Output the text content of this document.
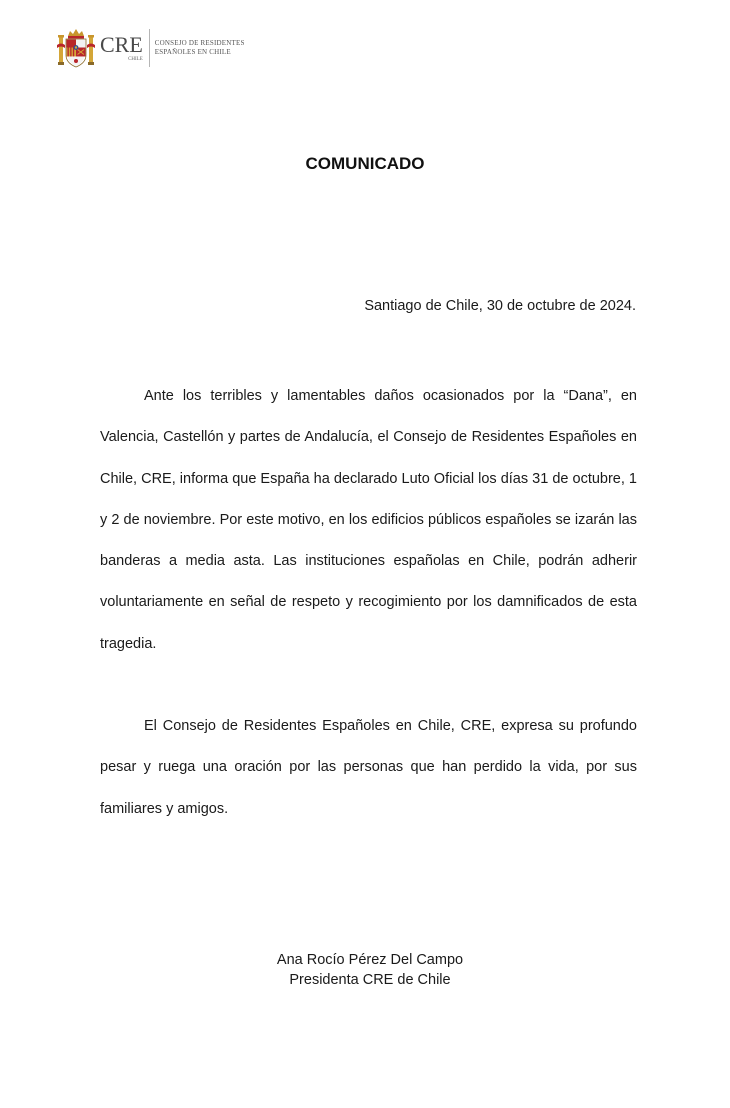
CRE
CHILE
CONSEJO DE RESIDENTES
ESPAÑOLES EN CHILE
COMUNICADO
Santiago de Chile, 30 de octubre de 2024.

Ante los terribles y lamentables daños ocasionados por la “Dana”, en Valencia, Castellón y partes de Andalucía, el Consejo de Residentes Españoles en Chile, CRE, informa que España ha declarado Luto Oficial los días 31 de octubre, 1 y 2 de noviembre. Por este motivo, en los edificios públicos españoles se izarán las banderas a media asta. Las instituciones españolas en Chile, podrán adherir voluntariamente en señal de respeto y recogimiento por los damnificados de esta tragedia.

El Consejo de Residentes Españoles en Chile, CRE, expresa su profundo pesar y ruega una oración por las personas que han perdido la vida, por sus familiares y amigos.

Ana Rocío Pérez Del Campo
Presidenta CRE de Chile
